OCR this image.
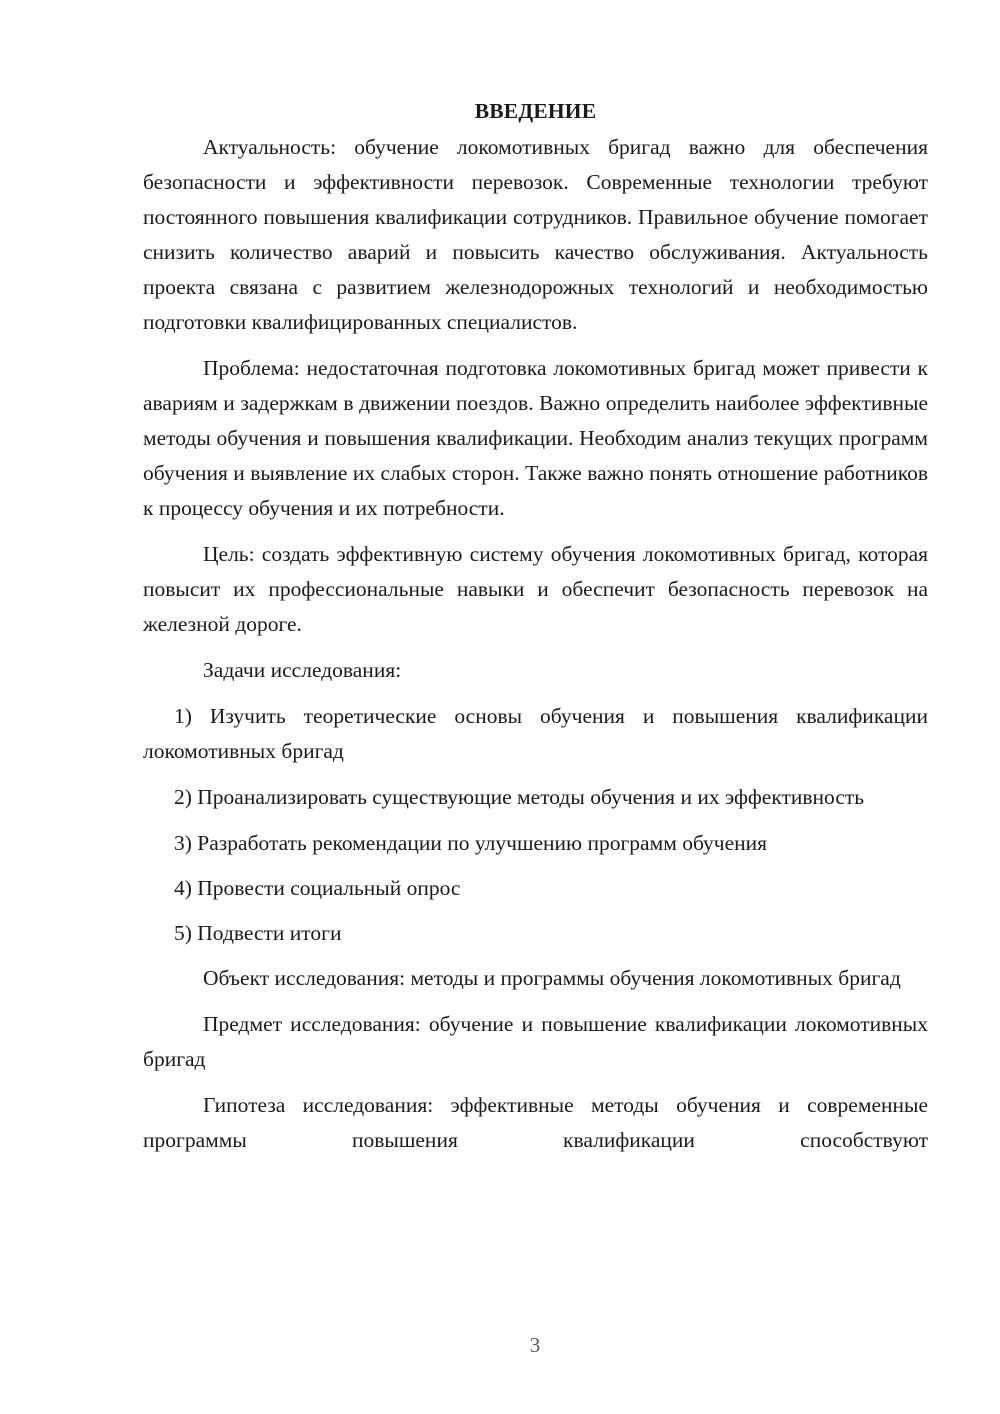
ВВЕДЕНИЕ

Актуальность: обучение локомотивных бригад важно для обеспечения безопасности и эффективности перевозок. Современные технологии требуют постоянного повышения квалификации сотрудников. Правильное обучение помогает снизить количество аварий и повысить качество обслуживания. Актуальность проекта связана с развитием железнодорожных технологий и необходимостью подготовки квалифицированных специалистов.

Проблема: недостаточная подготовка локомотивных бригад может привести к авариям и задержкам в движении поездов. Важно определить наиболее эффективные методы обучения и повышения квалификации. Необходим анализ текущих программ обучения и выявление их слабых сторон. Также важно понять отношение работников к процессу обучения и их потребности.

Цель: создать эффективную систему обучения локомотивных бригад, которая повысит их профессиональные навыки и обеспечит безопасность перевозок на железной дороге.

Задачи исследования:

1) Изучить теоретические основы обучения и повышения квалификации локомотивных бригад

2) Проанализировать существующие методы обучения и их эффективность

3) Разработать рекомендации по улучшению программ обучения

4) Провести социальный опрос

5) Подвести итоги

Объект исследования: методы и программы обучения локомотивных бригад

Предмет исследования: обучение и повышение квалификации локомотивных бригад

Гипотеза исследования: эффективные методы обучения и современные программы повышения квалификации способствуют

3
